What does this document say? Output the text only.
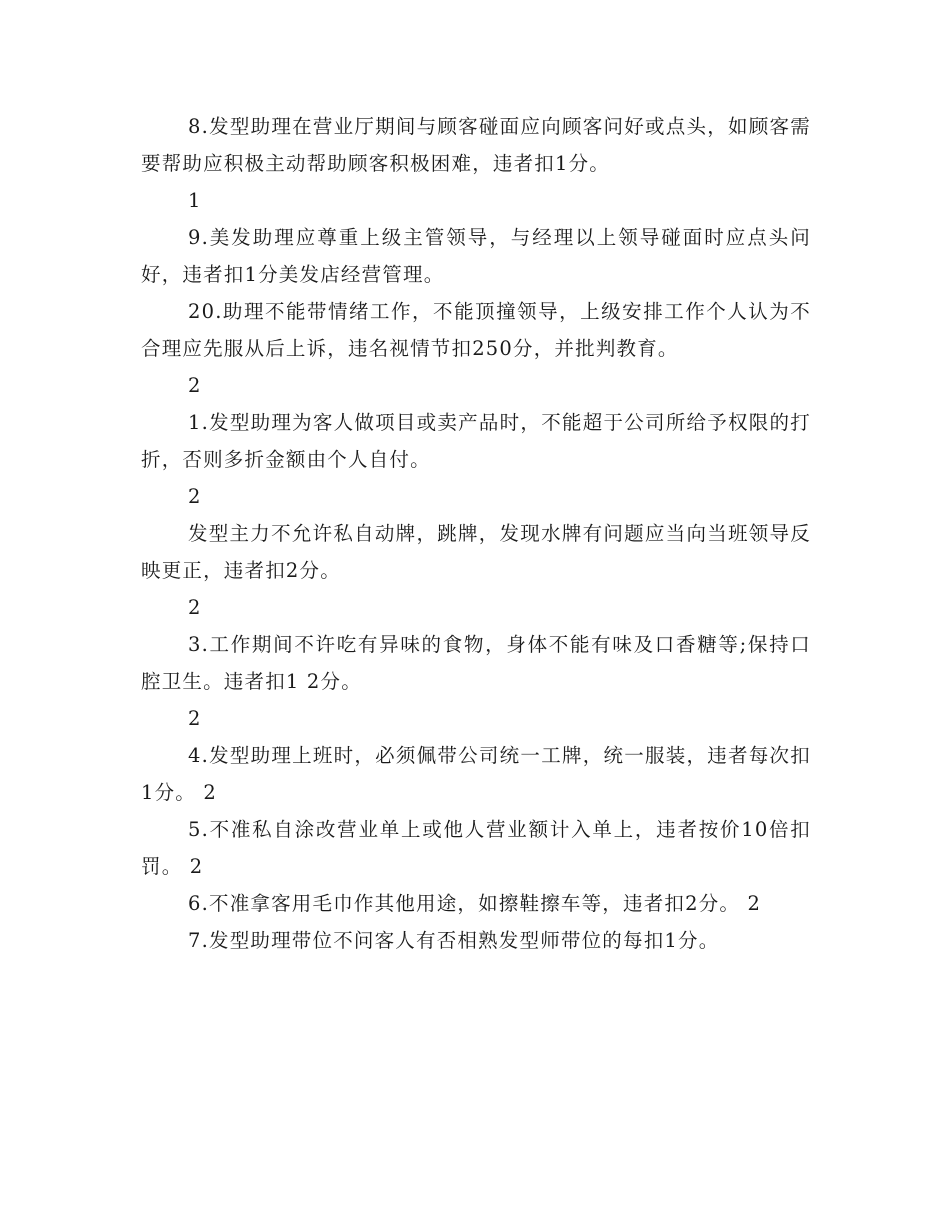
8.发型助理在营业厅期间与顾客碰面应向顾客问好或点头，如顾客需要帮助应积极主动帮助顾客积极困难，违者扣1分。

1

9.美发助理应尊重上级主管领导，与经理以上领导碰面时应点头问好，违者扣1分美发店经营管理。

20.助理不能带情绪工作，不能顶撞领导，上级安排工作个人认为不合理应先服从后上诉，违名视情节扣250分，并批判教育。

2

1.发型助理为客人做项目或卖产品时，不能超于公司所给予权限的打折，否则多折金额由个人自付。

2

发型主力不允许私自动牌，跳牌，发现水牌有问题应当向当班领导反映更正，违者扣2分。

2

3.工作期间不许吃有异味的食物，身体不能有味及口香糖等;保持口腔卫生。违者扣1 2分。

2

4.发型助理上班时，必须佩带公司统一工牌，统一服装，违者每次扣1分。 2

5.不准私自涂改营业单上或他人营业额计入单上，违者按价10倍扣罚。 2

6.不准拿客用毛巾作其他用途，如擦鞋擦车等，违者扣2分。 2

7.发型助理带位不问客人有否相熟发型师带位的每扣1分。
